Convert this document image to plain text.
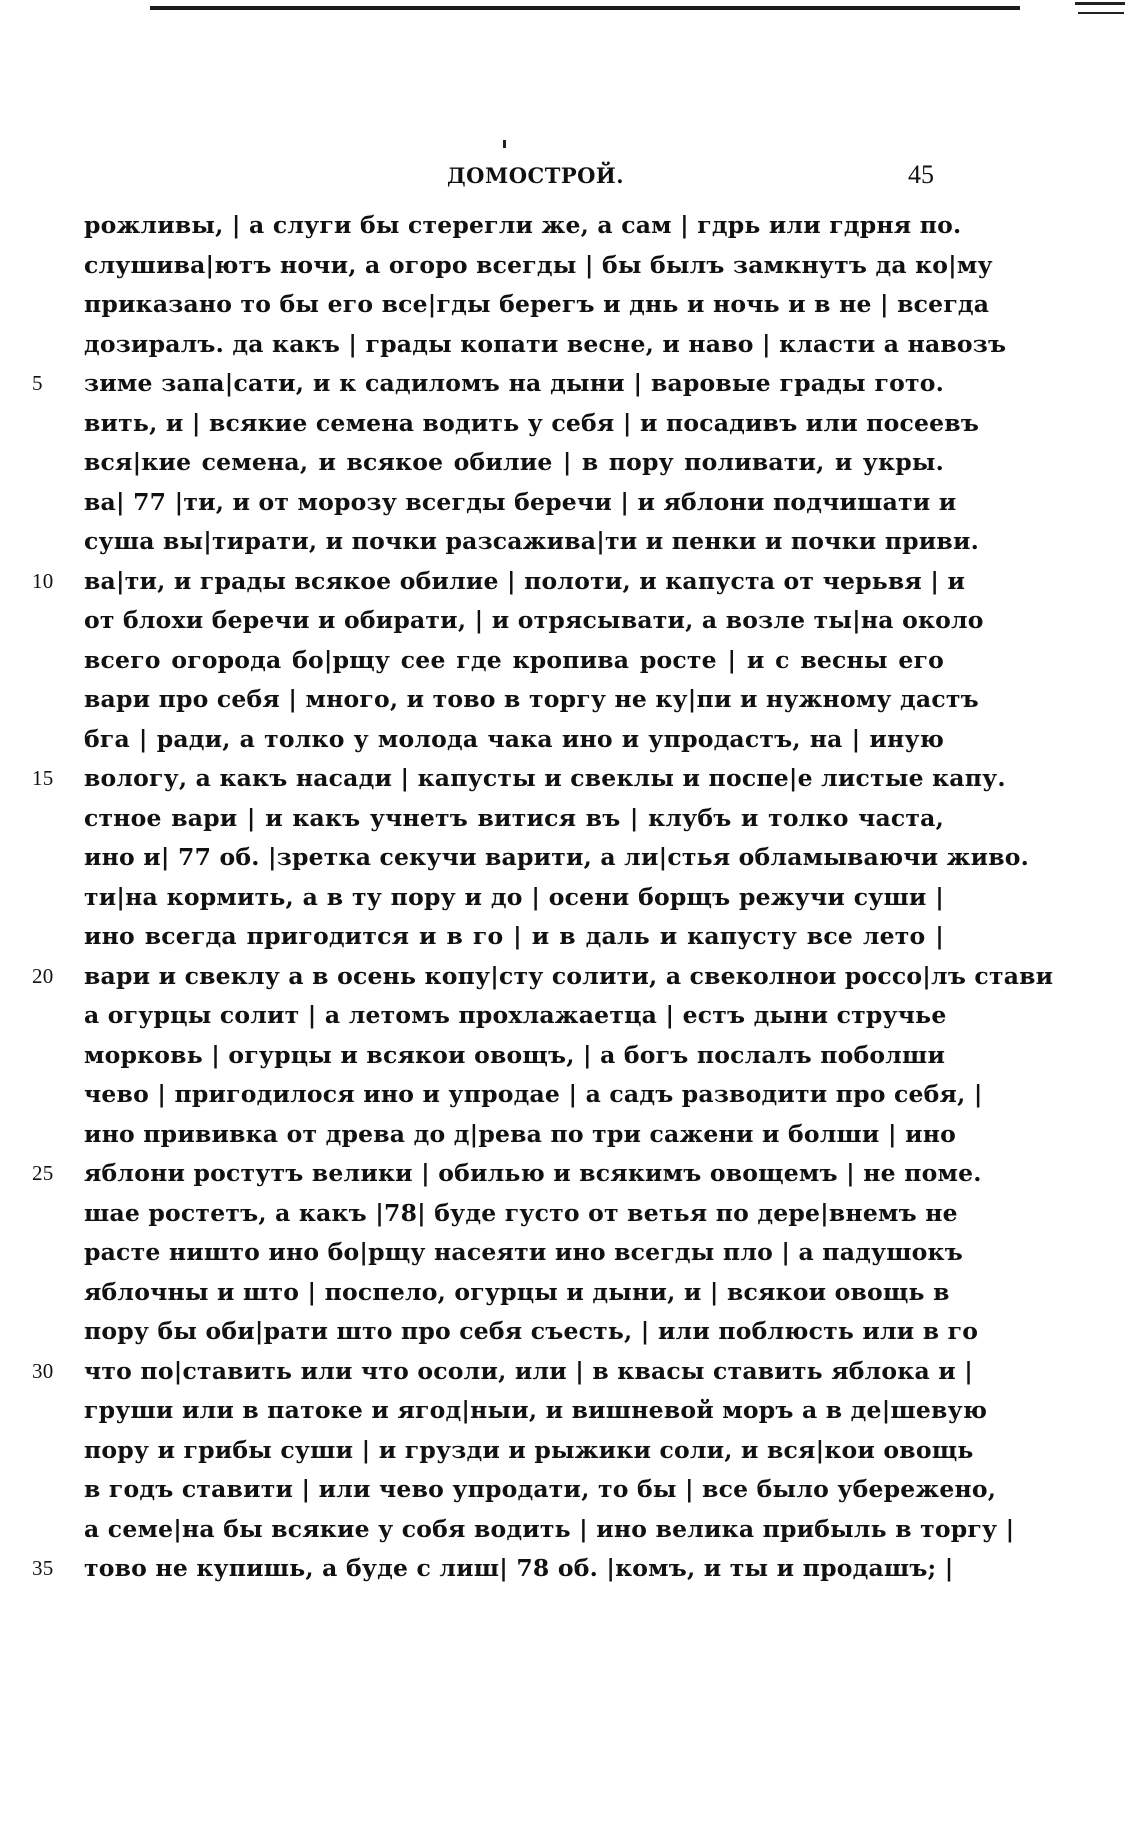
ДОМОСТРОЙ.	45
рожливы, | а слуги бы стерегли же, а сам | гдрь или гдрня по.
слушива|ютъ ночи, а огоро всегды | бы былъ замкнутъ да ко|му
приказано то бы его все|гды берегъ и днь и ночь и в не | всегда
дозиралъ. да какъ | грады копати весне, и наво | класти а навозъ
5	зиме запа|сати, и к садиломъ на дыни | варовые грады гото.
вить, и | всякие семена водить у себя | и посадивъ или посеевъ
вся|кие семена, и всякое обилие | в пору поливати, и укры.
ва| 77 |ти, и от морозу всегды беречи | и яблони подчишати и
суша вы|тирати, и почки разсажива|ти и пенки и почки приви.
10	ва|ти, и грады всякое обилие | полоти, и капуста от черьвя | и
от блохи беречи и обирати, | и отрясывати, а возле ты|на около
всего огорода бо|рщу сее где кропива росте | и с весны его
вари про себя | много, и тово в торгу не ку|пи и нужному дастъ
бга | ради, а толко у молода чака ино и упродастъ, на | иную
15	вологу, а какъ насади | капусты и свеклы и поспе|е листые капу.
стное вари | и какъ учнетъ витися въ | клубъ и толко часта,
ино и| 77 об. |зретка секучи варити, а ли|стья обламываючи живо.
ти|на кормить, а в ту пору и до | осени борщъ режучи суши |
ино всегда пригодится и в го | и в даль и капусту все лето |
20	вари и свеклу а в осень копу|сту солити, а свеколнои россо|лъ стави
а огурцы солит | а летомъ прохлажаетца | естъ дыни стручье
морковь | огурцы и всякои овощъ, | а богъ послалъ поболши
чево | пригодилося ино и упродае | а садъ разводити про себя, |
ино прививка от древа до д|рева по три сажени и болши | ино
25	яблони ростутъ велики | обилью и всякимъ овощемъ | не поме.
шае ростетъ, а какъ |78| буде густо от ветья по дере|внемъ не
расте ништо ино бо|рщу насеяти ино всегды пло | а падушокъ
яблочны и што | поспело, огурцы и дыни, и | всякои овощь в
пору бы оби|рати што про себя съесть, | или поблюсть или в го
30	что по|ставить или что осоли, или | в квасы ставить яблока и |
груши или в патоке и ягод|ныи, и вишневой моръ а в де|шевую
пору и грибы суши | и грузди и рыжики соли, и вся|кои овощь
в годъ ставити | или чево упродати, то бы | все было убережено,
а семе|на бы всякие у собя водить | ино велика прибыль в торгу |
35	тово не купишь, а буде с лиш| 78 об. |комъ, и ты и продашъ; |
